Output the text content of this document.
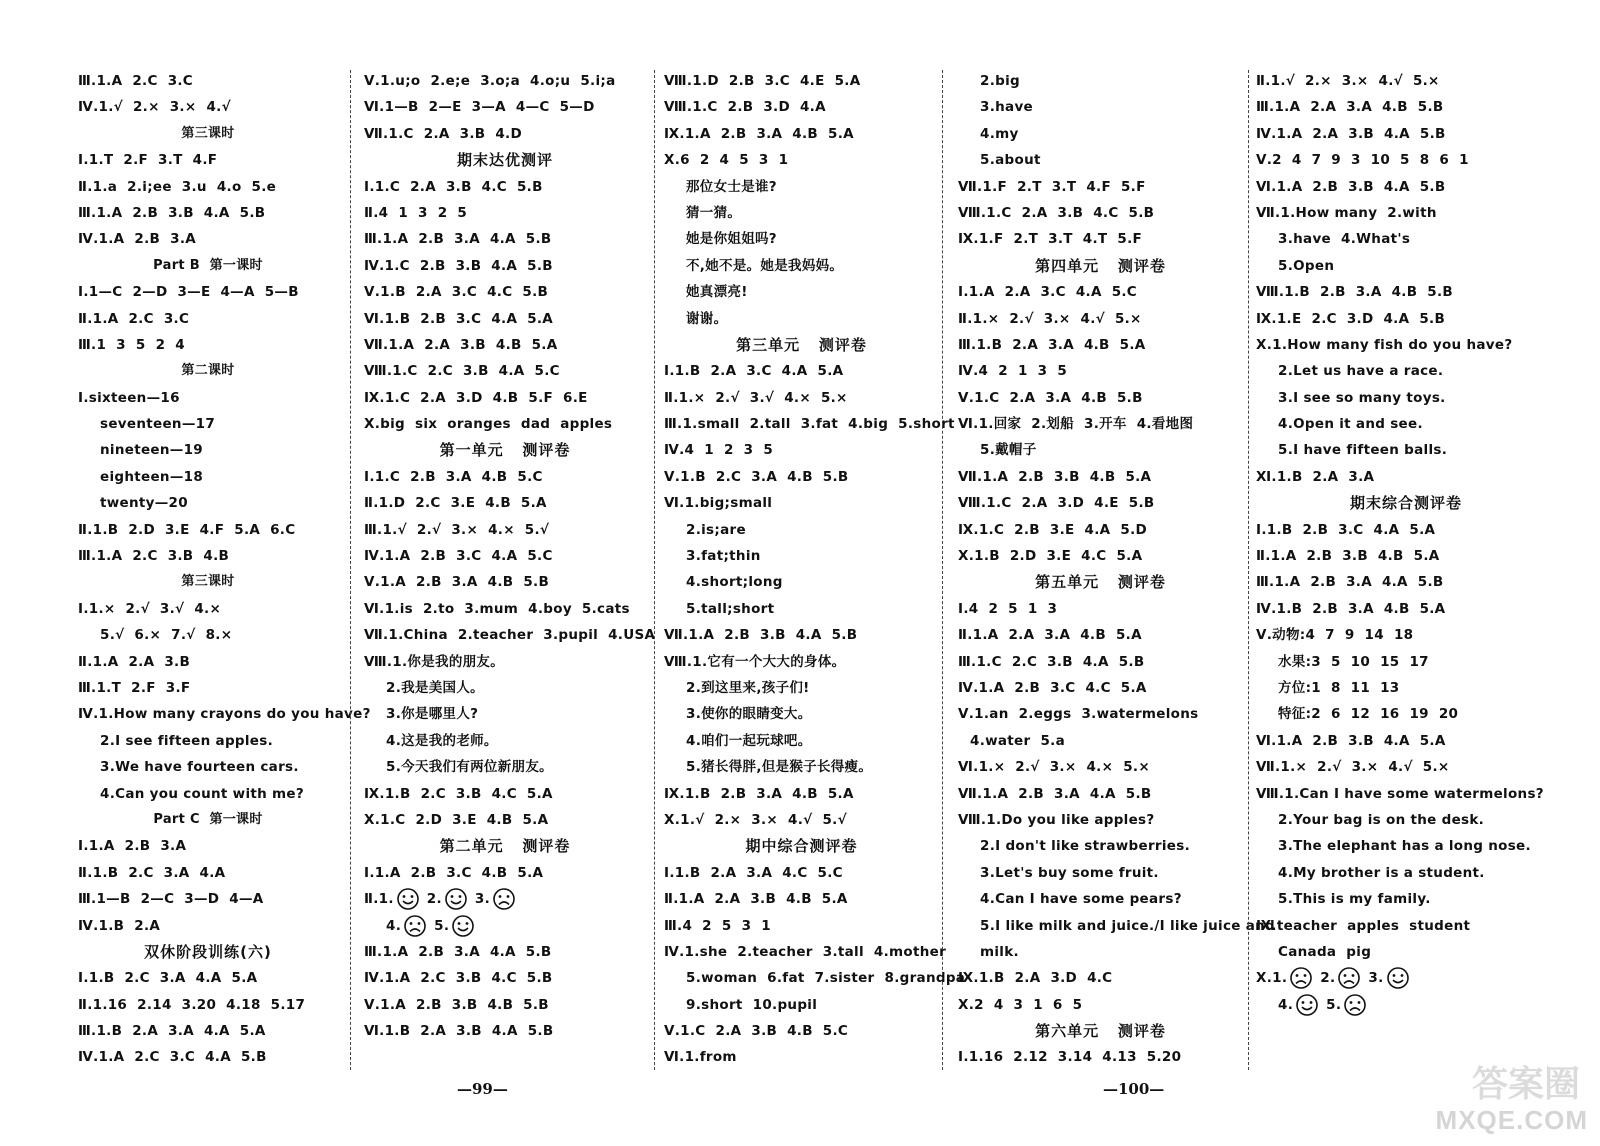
Ⅲ.1.A  2.C  3.C
Ⅳ.1.√  2.×  3.×  4.√
第三课时
Ⅰ.1.T  2.F  3.T  4.F
Ⅱ.1.a  2.i;ee  3.u  4.o  5.e
Ⅲ.1.A  2.B  3.B  4.A  5.B
Ⅳ.1.A  2.B  3.A
Part B  第一课时
Ⅰ.1—C  2—D  3—E  4—A  5—B
Ⅱ.1.A  2.C  3.C
Ⅲ.1  3  5  2  4
第二课时
Ⅰ.sixteen—16
seventeen—17
nineteen—19
eighteen—18
twenty—20
Ⅱ.1.B  2.D  3.E  4.F  5.A  6.C
Ⅲ.1.A  2.C  3.B  4.B
第三课时
Ⅰ.1.×  2.√  3.√  4.×
5.√  6.×  7.√  8.×
Ⅱ.1.A  2.A  3.B
Ⅲ.1.T  2.F  3.F
Ⅳ.1.How many crayons do you have?
2.I see fifteen apples.
3.We have fourteen cars.
4.Can you count with me?
Part C  第一课时
Ⅰ.1.A  2.B  3.A
Ⅱ.1.B  2.C  3.A  4.A
Ⅲ.1—B  2—C  3—D  4—A
Ⅳ.1.B  2.A
双休阶段训练(六)
Ⅰ.1.B  2.C  3.A  4.A  5.A
Ⅱ.1.16  2.14  3.20  4.18  5.17
Ⅲ.1.B  2.A  3.A  4.A  5.A
Ⅳ.1.A  2.C  3.C  4.A  5.B
Ⅴ.1.u;o  2.e;e  3.o;a  4.o;u  5.i;a
Ⅵ.1—B  2—E  3—A  4—C  5—D
Ⅶ.1.C  2.A  3.B  4.D
期末达优测评
Ⅰ.1.C  2.A  3.B  4.C  5.B
Ⅱ.4  1  3  2  5
Ⅲ.1.A  2.B  3.A  4.A  5.B
Ⅳ.1.C  2.B  3.B  4.A  5.B
Ⅴ.1.B  2.A  3.C  4.C  5.B
Ⅵ.1.B  2.B  3.C  4.A  5.A
Ⅶ.1.A  2.A  3.B  4.B  5.A
Ⅷ.1.C  2.C  3.B  4.A  5.C
Ⅸ.1.C  2.A  3.D  4.B  5.F  6.E
Ⅹ.big  six  oranges  dad  apples
第一单元   测评卷
Ⅰ.1.C  2.B  3.A  4.B  5.C
Ⅱ.1.D  2.C  3.E  4.B  5.A
Ⅲ.1.√  2.√  3.×  4.×  5.√
Ⅳ.1.A  2.B  3.C  4.A  5.C
Ⅴ.1.A  2.B  3.A  4.B  5.B
Ⅵ.1.is  2.to  3.mum  4.boy  5.cats
Ⅶ.1.China  2.teacher  3.pupil  4.USA
Ⅷ.1.你是我的朋友。
2.我是美国人。
3.你是哪里人?
4.这是我的老师。
5.今天我们有两位新朋友。
Ⅸ.1.B  2.C  3.B  4.C  5.A
Ⅹ.1.C  2.D  3.E  4.B  5.A
第二单元   测评卷
Ⅰ.1.A  2.B  3.C  4.B  5.A
Ⅱ.1. 2. 3.
4. 5.
Ⅲ.1.A  2.B  3.A  4.A  5.B
Ⅳ.1.A  2.C  3.B  4.C  5.B
Ⅴ.1.A  2.B  3.B  4.B  5.B
Ⅵ.1.B  2.A  3.B  4.A  5.B
Ⅷ.1.D  2.B  3.C  4.E  5.A
Ⅷ.1.C  2.B  3.D  4.A
Ⅸ.1.A  2.B  3.A  4.B  5.A
Ⅹ.6  2  4  5  3  1
那位女士是谁?
猜一猜。
她是你姐姐吗?
不,她不是。她是我妈妈。
她真漂亮!
谢谢。
第三单元   测评卷
Ⅰ.1.B  2.A  3.C  4.A  5.A
Ⅱ.1.×  2.√  3.√  4.×  5.×
Ⅲ.1.small  2.tall  3.fat  4.big  5.short
Ⅳ.4  1  2  3  5
Ⅴ.1.B  2.C  3.A  4.B  5.B
Ⅵ.1.big;small
2.is;are
3.fat;thin
4.short;long
5.tall;short
Ⅶ.1.A  2.B  3.B  4.A  5.B
Ⅷ.1.它有一个大大的身体。
2.到这里来,孩子们!
3.使你的眼睛变大。
4.咱们一起玩球吧。
5.猪长得胖,但是猴子长得瘦。
Ⅸ.1.B  2.B  3.A  4.B  5.A
Ⅹ.1.√  2.×  3.×  4.√  5.√
期中综合测评卷
Ⅰ.1.B  2.A  3.A  4.C  5.C
Ⅱ.1.A  2.A  3.B  4.B  5.A
Ⅲ.4  2  5  3  1
Ⅳ.1.she  2.teacher  3.tall  4.mother
5.woman  6.fat  7.sister  8.grandpa
9.short  10.pupil
Ⅴ.1.C  2.A  3.B  4.B  5.C
Ⅵ.1.from
2.big
3.have
4.my
5.about
Ⅶ.1.F  2.T  3.T  4.F  5.F
Ⅷ.1.C  2.A  3.B  4.C  5.B
Ⅸ.1.F  2.T  3.T  4.T  5.F
第四单元   测评卷
Ⅰ.1.A  2.A  3.C  4.A  5.C
Ⅱ.1.×  2.√  3.×  4.√  5.×
Ⅲ.1.B  2.A  3.A  4.B  5.A
Ⅳ.4  2  1  3  5
Ⅴ.1.C  2.A  3.A  4.B  5.B
Ⅵ.1.回家  2.划船  3.开车  4.看地图
5.戴帽子
Ⅶ.1.A  2.B  3.B  4.B  5.A
Ⅷ.1.C  2.A  3.D  4.E  5.B
Ⅸ.1.C  2.B  3.E  4.A  5.D
Ⅹ.1.B  2.D  3.E  4.C  5.A
第五单元   测评卷
Ⅰ.4  2  5  1  3
Ⅱ.1.A  2.A  3.A  4.B  5.A
Ⅲ.1.C  2.C  3.B  4.A  5.B
Ⅳ.1.A  2.B  3.C  4.C  5.A
Ⅴ.1.an  2.eggs  3.watermelons
4.water  5.a
Ⅵ.1.×  2.√  3.×  4.×  5.×
Ⅶ.1.A  2.B  3.A  4.A  5.B
Ⅷ.1.Do you like apples?
2.I don't like strawberries.
3.Let's buy some fruit.
4.Can I have some pears?
5.I like milk and juice./I like juice and
milk.
Ⅸ.1.B  2.A  3.D  4.C
Ⅹ.2  4  3  1  6  5
第六单元   测评卷
Ⅰ.1.16  2.12  3.14  4.13  5.20
Ⅱ.1.√  2.×  3.×  4.√  5.×
Ⅲ.1.A  2.A  3.A  4.B  5.B
Ⅳ.1.A  2.A  3.B  4.A  5.B
Ⅴ.2  4  7  9  3  10  5  8  6  1
Ⅵ.1.A  2.B  3.B  4.A  5.B
Ⅶ.1.How many  2.with
3.have  4.What's
5.Open
Ⅷ.1.B  2.B  3.A  4.B  5.B
Ⅸ.1.E  2.C  3.D  4.A  5.B
Ⅹ.1.How many fish do you have?
2.Let us have a race.
3.I see so many toys.
4.Open it and see.
5.I have fifteen balls.
Ⅺ.1.B  2.A  3.A
期末综合测评卷
Ⅰ.1.B  2.B  3.C  4.A  5.A
Ⅱ.1.A  2.B  3.B  4.B  5.A
Ⅲ.1.A  2.B  3.A  4.A  5.B
Ⅳ.1.B  2.B  3.A  4.B  5.A
Ⅴ.动物:4  7  9  14  18
水果:3  5  10  15  17
方位:1  8  11  13
特征:2  6  12  16  19  20
Ⅵ.1.A  2.B  3.B  4.A  5.A
Ⅶ.1.×  2.√  3.×  4.√  5.×
Ⅷ.1.Can I have some watermelons?
2.Your bag is on the desk.
3.The elephant has a long nose.
4.My brother is a student.
5.This is my family.
Ⅸ.teacher  apples  student
Canada  pig
Ⅹ.1. 2. 3.
4. 5.
—99—	—100—	答案圈
MXQE.COM
